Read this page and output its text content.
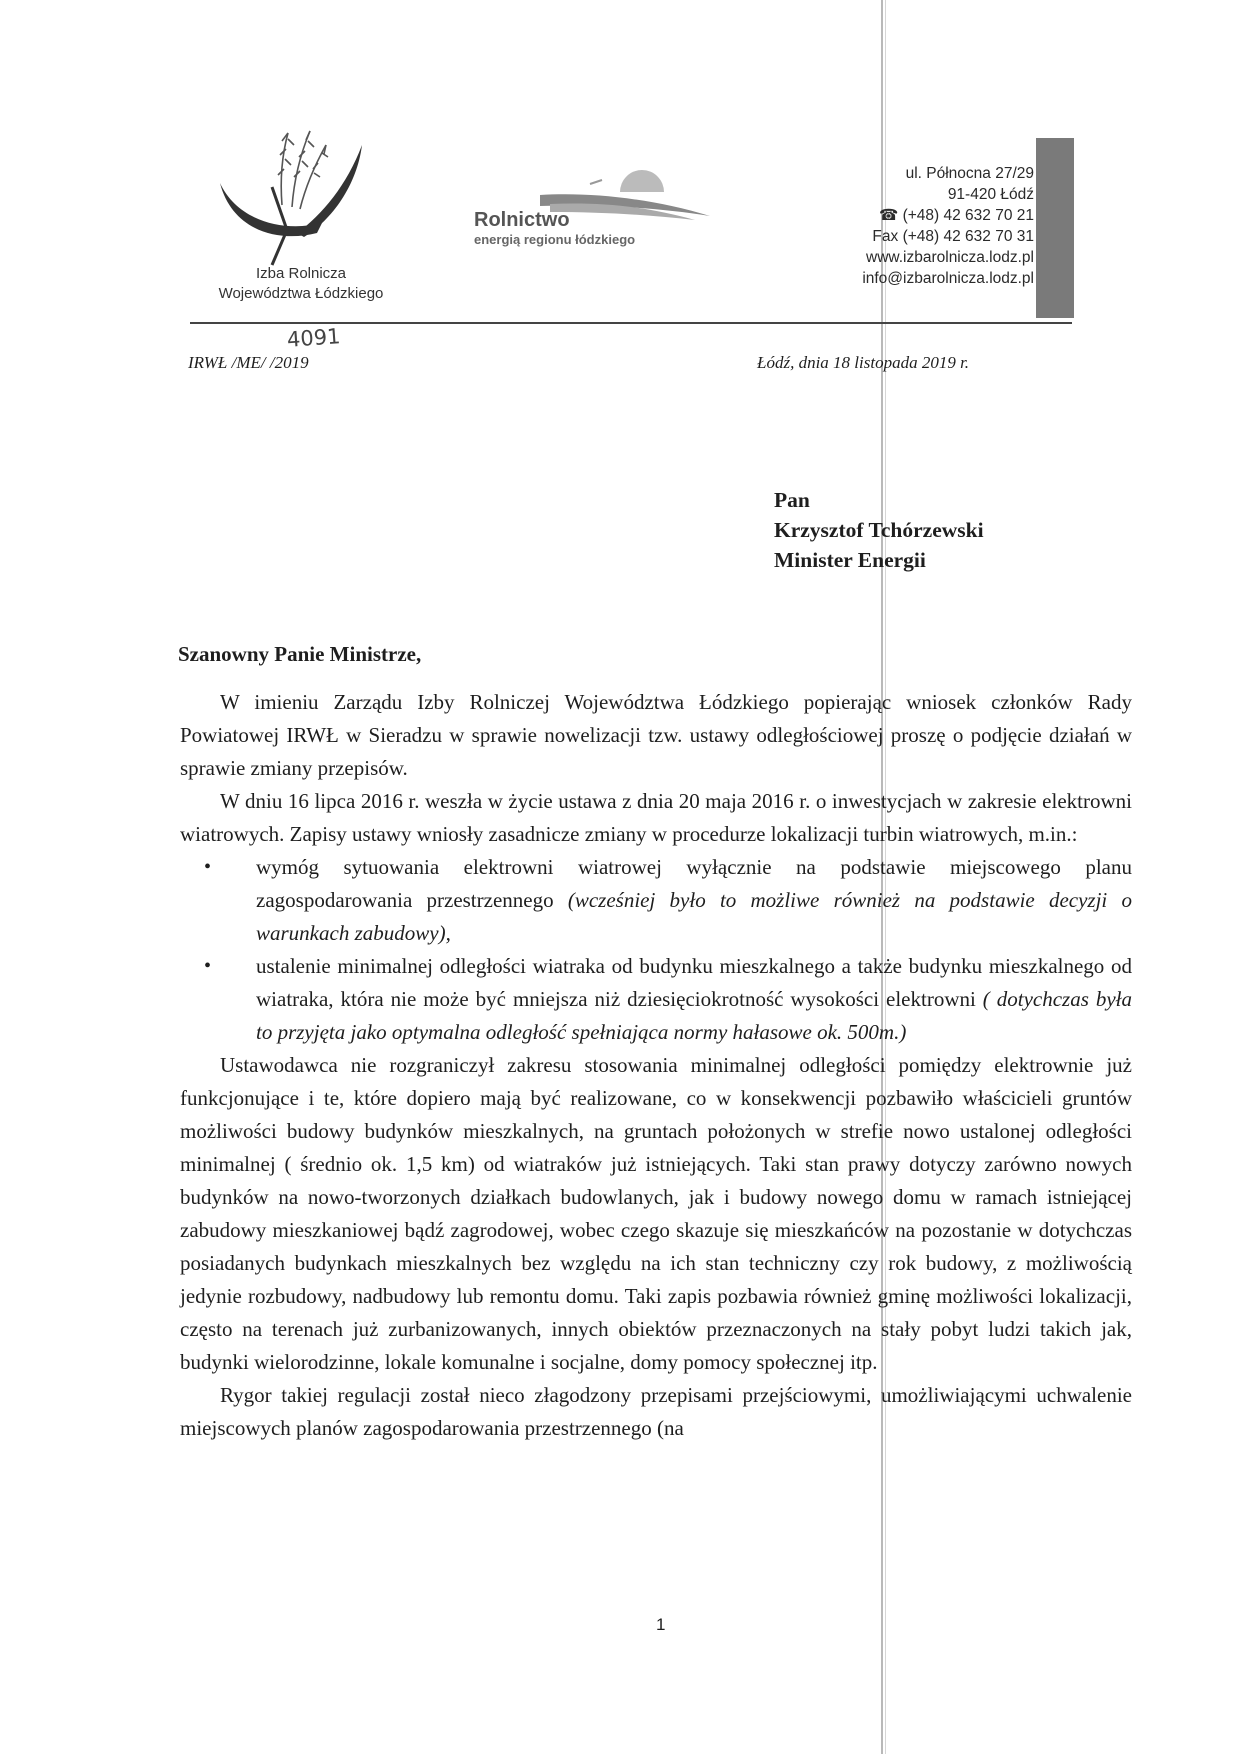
Izba Rolnicza
Województwa Łódzkiego
Rolnictwo
energią regionu łódzkiego
ul. Północna 27/29
91-420 Łódź
☎ (+48) 42 632 70 21
Fax (+48) 42 632 70 31
www.izbarolnicza.lodz.pl
info@izbarolnicza.lodz.pl
4091
IRWŁ /ME/ /2019	Łódź, dnia 18 listopada 2019 r.
Pan
Krzysztof Tchórzewski
Minister Energii
Szanowny Panie Ministrze,

W imieniu Zarządu Izby Rolniczej Województwa Łódzkiego popierając wniosek członków Rady Powiatowej IRWŁ w Sieradzu w sprawie nowelizacji tzw. ustawy odległościowej proszę o podjęcie działań w sprawie zmiany przepisów.

W dniu 16 lipca 2016 r. weszła w życie ustawa z dnia 20 maja 2016 r. o inwestycjach w zakresie elektrowni wiatrowych. Zapisy ustawy wniosły zasadnicze zmiany w procedurze lokalizacji turbin wiatrowych, m.in.:

• wymóg sytuowania elektrowni wiatrowej wyłącznie na podstawie miejscowego planu zagospodarowania przestrzennego (wcześniej było to możliwe również na podstawie decyzji o warunkach zabudowy),
• ustalenie minimalnej odległości wiatraka od budynku mieszkalnego a także budynku mieszkalnego od wiatraka, która nie może być mniejsza niż dziesięciokrotność wysokości elektrowni ( dotychczas była to przyjęta jako optymalna odległość spełniająca normy hałasowe ok. 500m.)

Ustawodawca nie rozgraniczył zakresu stosowania minimalnej odległości pomiędzy elektrownie już funkcjonujące i te, które dopiero mają być realizowane, co w konsekwencji pozbawiło właścicieli gruntów możliwości budowy budynków mieszkalnych, na gruntach położonych w strefie nowo ustalonej odległości minimalnej ( średnio ok. 1,5 km) od wiatraków już istniejących. Taki stan prawy dotyczy zarówno nowych budynków na nowo-tworzonych działkach budowlanych, jak i budowy nowego domu w ramach istniejącej zabudowy mieszkaniowej bądź zagrodowej, wobec czego skazuje się mieszkańców na pozostanie w dotychczas posiadanych budynkach mieszkalnych bez względu na ich stan techniczny czy rok budowy, z możliwością jedynie rozbudowy, nadbudowy lub remontu domu. Taki zapis pozbawia również gminę możliwości lokalizacji, często na terenach już zurbanizowanych, innych obiektów przeznaczonych na stały pobyt ludzi takich jak, budynki wielorodzinne, lokale komunalne i socjalne, domy pomocy społecznej itp.

Rygor takiej regulacji został nieco złagodzony przepisami przejściowymi, umożliwiającymi uchwalenie miejscowych planów zagospodarowania przestrzennego (na

1
